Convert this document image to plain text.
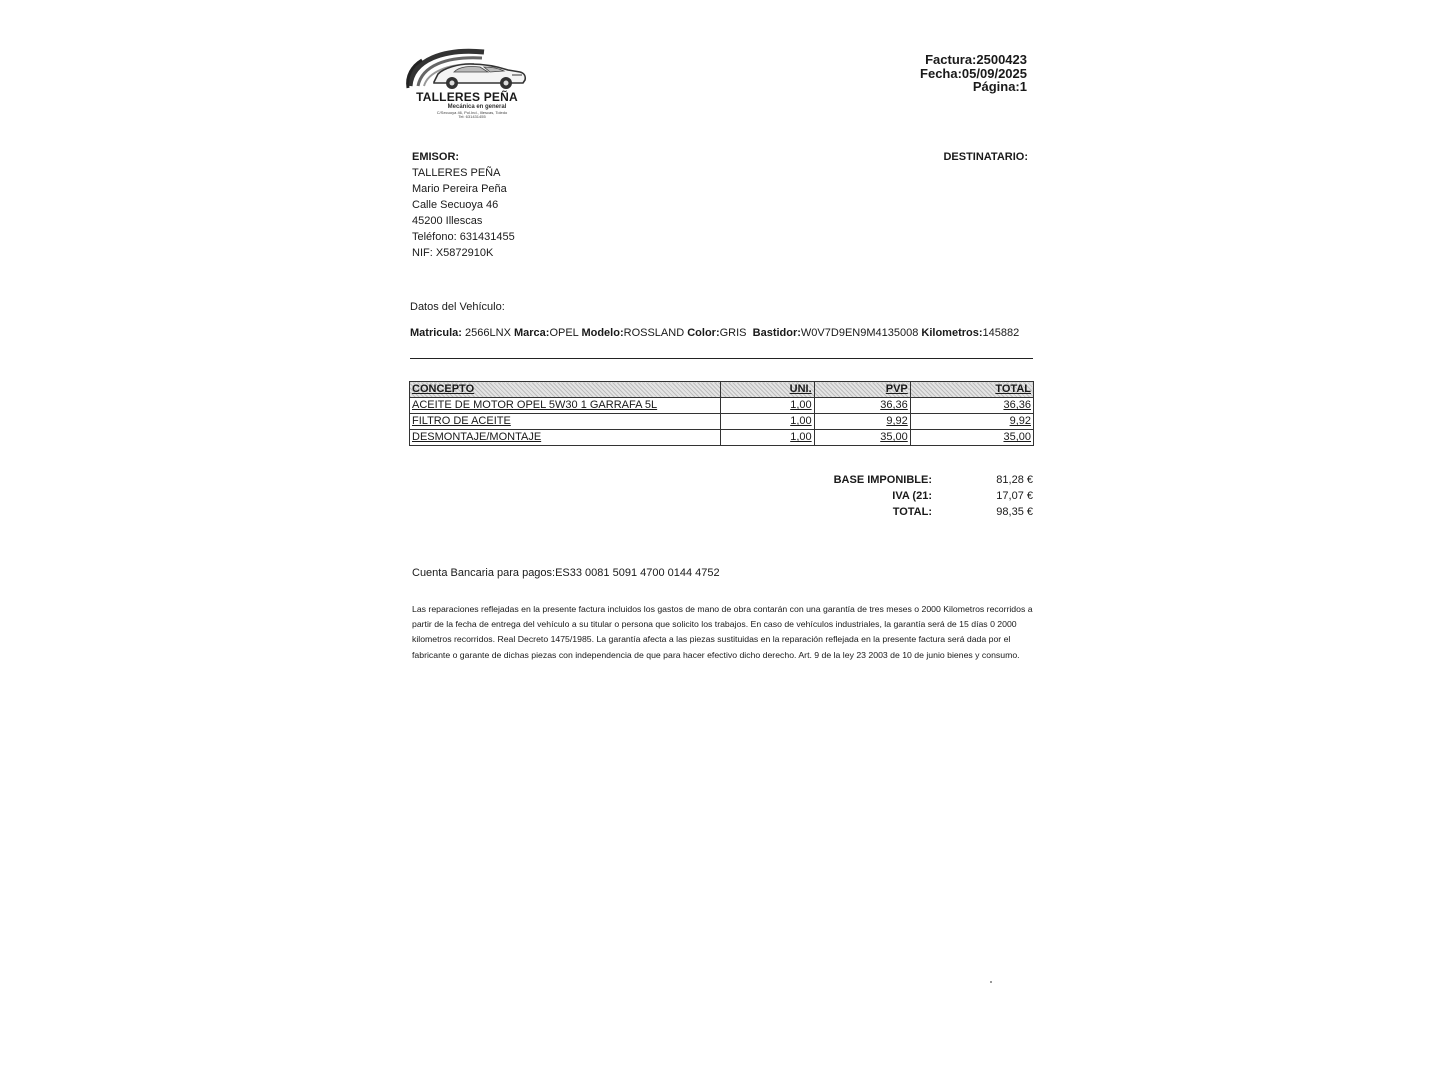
TALLERES PEÑA
Mecánica en general
C/Secuoya 46, Pol.Ind., Illescas, Toledo
Tel: 631431455
Factura:2500423
Fecha:05/09/2025
Página:1
EMISOR:
TALLERES PEÑA
Mario Pereira Peña
Calle Secuoya 46
45200 Illescas
Teléfono: 631431455
NIF: X5872910K
DESTINATARIO:
Datos del Vehículo:
Matricula: 2566LNX Marca:OPEL Modelo:ROSSLAND Color:GRIS Bastidor:W0V7D9EN9M4135008 Kilometros:145882
CONCEPTO	UNI.	PVP	TOTAL
ACEITE DE MOTOR OPEL 5W30 1 GARRAFA 5L	1,00	36,36	36,36
FILTRO DE ACEITE	1,00	9,92	9,92
DESMONTAJE/MONTAJE	1,00	35,00	35,00
BASE IMPONIBLE:	81,28 €
IVA (21:	17,07 €
TOTAL:	98,35 €
Cuenta Bancaria para pagos:ES33 0081 5091 4700 0144 4752
Las reparaciones reflejadas en la presente factura incluidos los gastos de mano de obra contarán con una garantía de tres meses o 2000 Kilometros recorridos a partir de la fecha de entrega del vehículo a su titular o persona que solicito los trabajos. En caso de vehículos industriales, la garantía será de 15 días 0 2000 kilometros recorridos. Real Decreto 1475/1985. La garantía afecta a las piezas sustituidas en la reparación reflejada en la presente factura será dada por el fabricante o garante de dichas piezas con independencia de que para hacer efectivo dicho derecho. Art. 9 de la ley 23 2003 de 10 de junio bienes y consumo.
